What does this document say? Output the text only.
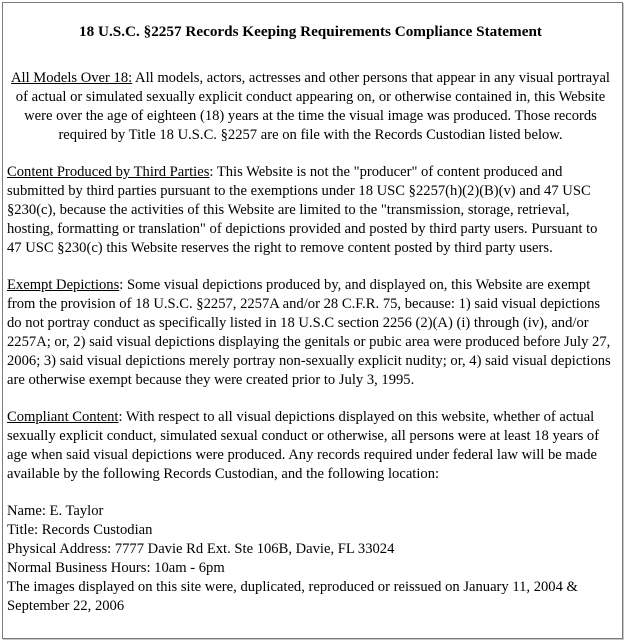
18 U.S.C. §2257 Records Keeping Requirements Compliance Statement

All Models Over 18: All models, actors, actresses and other persons that appear in any visual portrayal of actual or simulated sexually explicit conduct appearing on, or otherwise contained in, this Website were over the age of eighteen (18) years at the time the visual image was produced. Those records required by Title 18 U.S.C. §2257 are on file with the Records Custodian listed below.

Content Produced by Third Parties: This Website is not the "producer" of content produced and submitted by third parties pursuant to the exemptions under 18 USC §2257(h)(2)(B)(v) and 47 USC §230(c), because the activities of this Website are limited to the "transmission, storage, retrieval, hosting, formatting or translation" of depictions provided and posted by third party users. Pursuant to 47 USC §230(c) this Website reserves the right to remove content posted by third party users.

Exempt Depictions: Some visual depictions produced by, and displayed on, this Website are exempt from the provision of 18 U.S.C. §2257, 2257A and/or 28 C.F.R. 75, because: 1) said visual depictions do not portray conduct as specifically listed in 18 U.S.C section 2256 (2)(A) (i) through (iv), and/or 2257A; or, 2) said visual depictions displaying the genitals or pubic area were produced before July 27, 2006; 3) said visual depictions merely portray non-sexually explicit nudity; or, 4) said visual depictions are otherwise exempt because they were created prior to July 3, 1995.

Compliant Content: With respect to all visual depictions displayed on this website, whether of actual sexually explicit conduct, simulated sexual conduct or otherwise, all persons were at least 18 years of age when said visual depictions were produced. Any records required under federal law will be made available by the following Records Custodian, and the following location:

Name: E. Taylor
Title: Records Custodian
Physical Address: 7777 Davie Rd Ext. Ste 106B, Davie, FL 33024
Normal Business Hours: 10am - 6pm

The images displayed on this site were, duplicated, reproduced or reissued on January 11, 2004 & September 22, 2006
